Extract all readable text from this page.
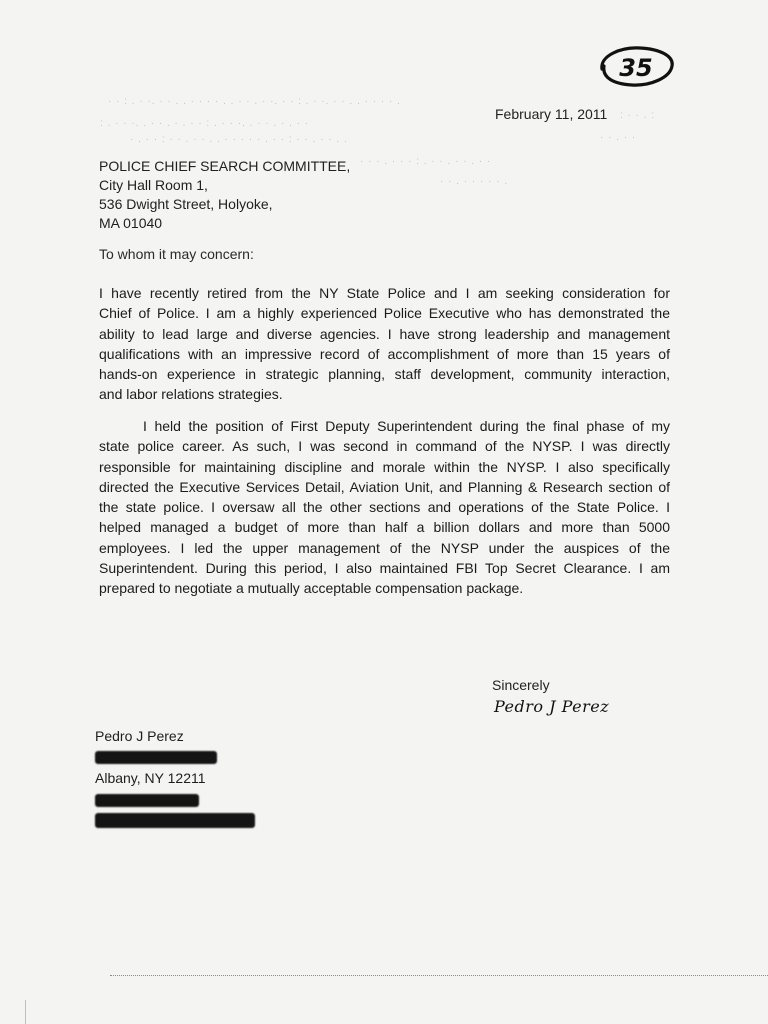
35
· · : . · ·. · · . . · · · · . . · · . · ·. · · : . · ·. · · . . · · · · .
: . · · ·. . · · . · . · · : . · · ·. . · · . · . · ·
· . · · : · · . · · . . · · · · · . · · : · · . · · . .
: · · . :
· · . · ·
· · · . · · · : . · · . · · . · ·
· · . · · · · · .
February 11, 2011
POLICE CHIEF SEARCH COMMITTEE,
City Hall Room 1,
536 Dwight Street, Holyoke,
MA 01040
To whom it may concern:
I have recently retired from the NY State Police and I am seeking consideration for
Chief of Police. I am a highly experienced Police Executive who has demonstrated the
ability to lead large and diverse agencies. I have strong leadership and management
qualifications with an impressive record of accomplishment of more than 15 years of
hands-on experience in strategic planning, staff development, community interaction,
and labor relations strategies.
I held the position of First Deputy Superintendent during the final phase of my
state police career. As such, I was second in command of the NYSP. I was directly
responsible for maintaining discipline and morale within the NYSP. I also specifically
directed the Executive Services Detail, Aviation Unit, and Planning & Research section of
the state police. I oversaw all the other sections and operations of the State Police. I
helped managed a budget of more than half a billion dollars and more than 5000
employees. I led the upper management of the NYSP under the auspices of the
Superintendent. During this period, I also maintained FBI Top Secret Clearance. I am
prepared to negotiate a mutually acceptable compensation package.
Sincerely
Pedro J Perez
Pedro J Perez
Albany, NY 12211
